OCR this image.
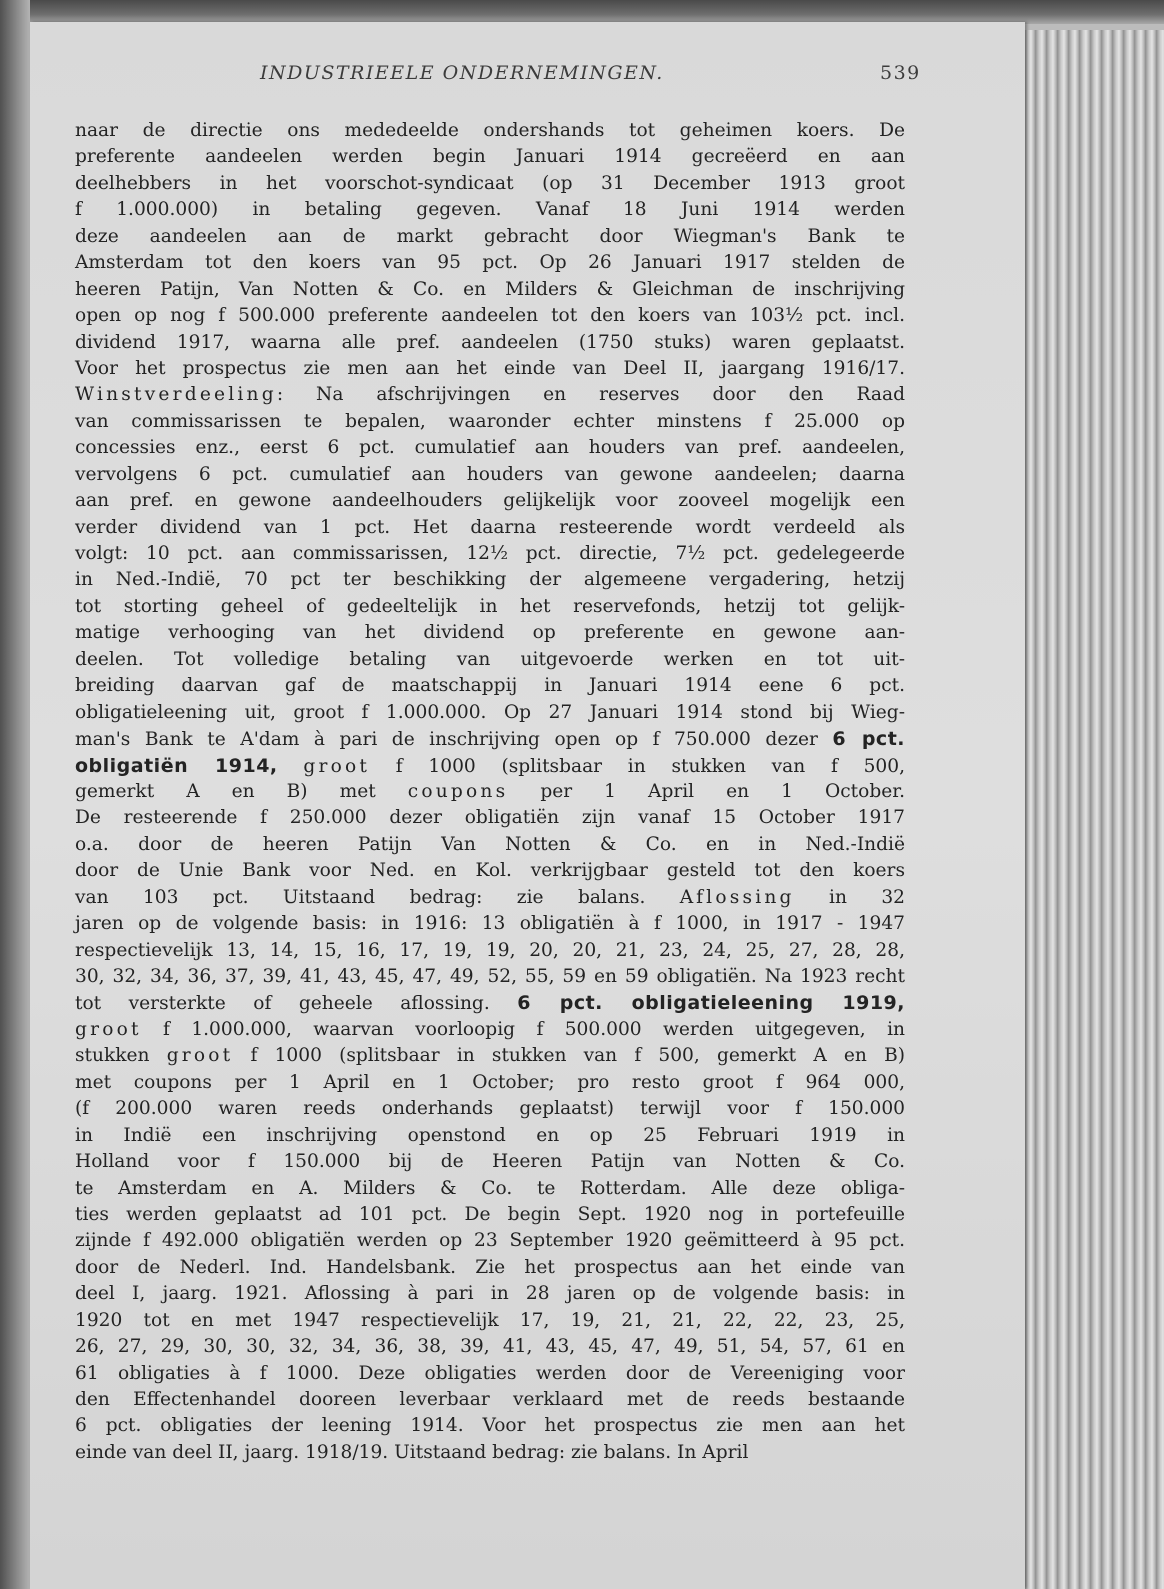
INDUSTRIEELE ONDERNEMINGEN.	539
naar de directie ons mededeelde ondershands tot geheimen koers. De
preferente aandeelen werden begin Januari 1914 gecreëerd en aan
deelhebbers in het voorschot-syndicaat (op 31 December 1913 groot
f 1.000.000) in betaling gegeven. Vanaf 18 Juni 1914 werden
deze aandeelen aan de markt gebracht door Wiegman's Bank te
Amsterdam tot den koers van 95 pct. Op 26 Januari 1917 stelden de
heeren Patijn, Van Notten & Co. en Milders & Gleichman de inschrijving
open op nog f 500.000 preferente aandeelen tot den koers van 103½ pct. incl.
dividend 1917, waarna alle pref. aandeelen (1750 stuks) waren geplaatst.
Voor het prospectus zie men aan het einde van Deel II, jaargang 1916/17.
Winstverdeeling: Na afschrijvingen en reserves door den Raad
van commissarissen te bepalen, waaronder echter minstens f 25.000 op
concessies enz., eerst 6 pct. cumulatief aan houders van pref. aandeelen,
vervolgens 6 pct. cumulatief aan houders van gewone aandeelen; daarna
aan pref. en gewone aandeelhouders gelijkelijk voor zooveel mogelijk een
verder dividend van 1 pct. Het daarna resteerende wordt verdeeld als
volgt: 10 pct. aan commissarissen, 12½ pct. directie, 7½ pct. gedelegeerde
in Ned.-Indië, 70 pct ter beschikking der algemeene vergadering, hetzij
tot storting geheel of gedeeltelijk in het reservefonds, hetzij tot gelijk-
matige verhooging van het dividend op preferente en gewone aan-
deelen. Tot volledige betaling van uitgevoerde werken en tot uit-
breiding daarvan gaf de maatschappij in Januari 1914 eene 6 pct.
obligatieleening uit, groot f 1.000.000. Op 27 Januari 1914 stond bij Wieg-
man's Bank te A'dam à pari de inschrijving open op f 750.000 dezer 6 pct.
obligatiën 1914, groot f 1000 (splitsbaar in stukken van f 500,
gemerkt A en B) met coupons per 1 April en 1 October.
De resteerende f 250.000 dezer obligatiën zijn vanaf 15 October 1917
o.a. door de heeren Patijn Van Notten & Co. en in Ned.-Indië
door de Unie Bank voor Ned. en Kol. verkrijgbaar gesteld tot den koers
van 103 pct. Uitstaand bedrag: zie balans. Aflossing in 32
jaren op de volgende basis: in 1916: 13 obligatiën à f 1000, in 1917 - 1947
respectievelijk 13, 14, 15, 16, 17, 19, 19, 20, 20, 21, 23, 24, 25, 27, 28, 28,
30, 32, 34, 36, 37, 39, 41, 43, 45, 47, 49, 52, 55, 59 en 59 obligatiën. Na 1923 recht
tot versterkte of geheele aflossing. 6 pct. obligatieleening 1919,
groot f 1.000.000, waarvan voorloopig f 500.000 werden uitgegeven, in
stukken groot f 1000 (splitsbaar in stukken van f 500, gemerkt A en B)
met coupons per 1 April en 1 October; pro resto groot f 964 000,
(f 200.000 waren reeds onderhands geplaatst) terwijl voor f 150.000
in Indië een inschrijving openstond en op 25 Februari 1919 in
Holland voor f 150.000 bij de Heeren Patijn van Notten & Co.
te Amsterdam en A. Milders & Co. te Rotterdam. Alle deze obliga-
ties werden geplaatst ad 101 pct. De begin Sept. 1920 nog in portefeuille
zijnde f 492.000 obligatiën werden op 23 September 1920 geëmitteerd à 95 pct.
door de Nederl. Ind. Handelsbank. Zie het prospectus aan het einde van
deel I, jaarg. 1921. Aflossing à pari in 28 jaren op de volgende basis: in
1920 tot en met 1947 respectievelijk 17, 19, 21, 21, 22, 22, 23, 25,
26, 27, 29, 30, 30, 32, 34, 36, 38, 39, 41, 43, 45, 47, 49, 51, 54, 57, 61 en
61 obligaties à f 1000. Deze obligaties werden door de Vereeniging voor
den Effectenhandel dooreen leverbaar verklaard met de reeds bestaande
6 pct. obligaties der leening 1914. Voor het prospectus zie men aan het
einde van deel II, jaarg. 1918/19. Uitstaand bedrag: zie balans. In April
